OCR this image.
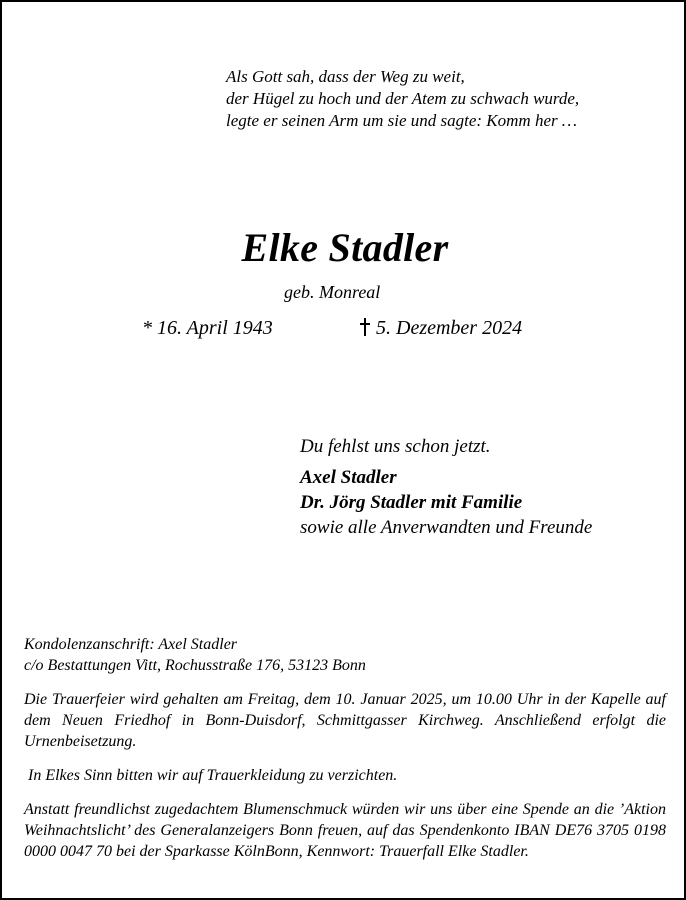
Als Gott sah, dass der Weg zu weit,
der Hügel zu hoch und der Atem zu schwach wurde,
legte er seinen Arm um sie und sagte: Komm her …
Elke Stadler
geb. Monreal
* 16. April 1943	5. Dezember 2024
Du fehlst uns schon jetzt.
Axel Stadler
Dr. Jörg Stadler mit Familie
sowie alle Anverwandten und Freunde
Kondolenzanschrift: Axel Stadler
c/o Bestattungen Vitt, Rochusstraße 176, 53123 Bonn
Die Trauerfeier wird gehalten am Freitag, dem 10. Januar 2025, um 10.00 Uhr in der Kapelle auf dem Neuen Friedhof in Bonn-Duisdorf, Schmittgasser Kirchweg. Anschließend erfolgt die Urnenbeisetzung.
In Elkes Sinn bitten wir auf Trauerkleidung zu verzichten.
Anstatt freundlichst zugedachtem Blumenschmuck würden wir uns über eine Spende an die ’Aktion Weihnachtslicht’ des Generalanzeigers Bonn freuen, auf das Spendenkonto IBAN DE76 3705 0198 0000 0047 70 bei der Sparkasse KölnBonn, Kennwort: Trauerfall Elke Stadler.
